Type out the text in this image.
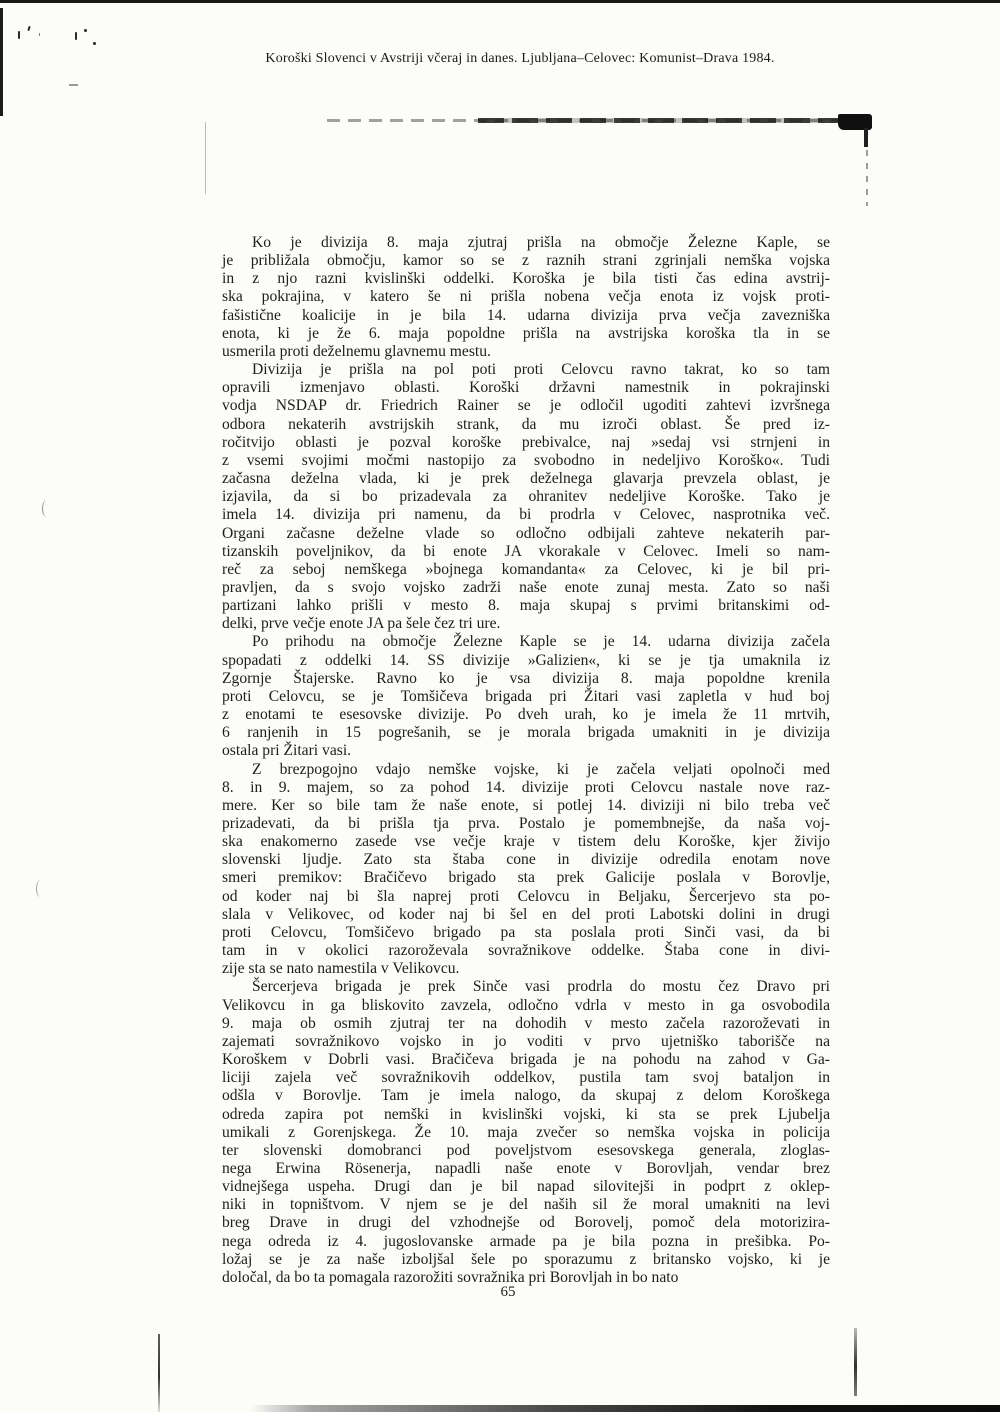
Koroški Slovenci v Avstriji včeraj in danes. Ljubljana–Celovec: Komunist–Drava 1984.
Ko je divizija 8. maja zjutraj prišla na območje Železne Kaple, se
je približala območju, kamor so se z raznih strani zgrinjali nemška vojska
in z njo razni kvislinški oddelki. Koroška je bila tisti čas edina avstrij-
ska pokrajina, v katero še ni prišla nobena večja enota iz vojsk proti-
fašistične koalicije in je bila 14. udarna divizija prva večja zavezniška
enota, ki je že 6. maja popoldne prišla na avstrijska koroška tla in se
usmerila proti deželnemu glavnemu mestu.
Divizija je prišla na pol poti proti Celovcu ravno takrat, ko so tam
opravili izmenjavo oblasti. Koroški državni namestnik in pokrajinski
vodja NSDAP dr. Friedrich Rainer se je odločil ugoditi zahtevi izvršnega
odbora nekaterih avstrijskih strank, da mu izroči oblast. Še pred iz-
ročitvijo oblasti je pozval koroške prebivalce, naj »sedaj vsi strnjeni in
z vsemi svojimi močmi nastopijo za svobodno in nedeljivo Koroško«. Tudi
začasna deželna vlada, ki je prek deželnega glavarja prevzela oblast, je
izjavila, da si bo prizadevala za ohranitev nedeljive Koroške. Tako je
imela 14. divizija pri namenu, da bi prodrla v Celovec, nasprotnika več.
Organi začasne deželne vlade so odločno odbijali zahteve nekaterih par-
tizanskih poveljnikov, da bi enote JA vkorakale v Celovec. Imeli so nam-
reč za seboj nemškega »bojnega komandanta« za Celovec, ki je bil pri-
pravljen, da s svojo vojsko zadrži naše enote zunaj mesta. Zato so naši
partizani lahko prišli v mesto 8. maja skupaj s prvimi britanskimi od-
delki, prve večje enote JA pa šele čez tri ure.
Po prihodu na območje Železne Kaple se je 14. udarna divizija začela
spopadati z oddelki 14. SS divizije »Galizien«, ki se je tja umaknila iz
Zgornje Štajerske. Ravno ko je vsa divizija 8. maja popoldne krenila
proti Celovcu, se je Tomšičeva brigada pri Žitari vasi zapletla v hud boj
z enotami te esesovske divizije. Po dveh urah, ko je imela že 11 mrtvih,
6 ranjenih in 15 pogrešanih, se je morala brigada umakniti in je divizija
ostala pri Žitari vasi.
Z brezpogojno vdajo nemške vojske, ki je začela veljati opolnoči med
8. in 9. majem, so za pohod 14. divizije proti Celovcu nastale nove raz-
mere. Ker so bile tam že naše enote, si potlej 14. diviziji ni bilo treba več
prizadevati, da bi prišla tja prva. Postalo je pomembnejše, da naša voj-
ska enakomerno zasede vse večje kraje v tistem delu Koroške, kjer živijo
slovenski ljudje. Zato sta štaba cone in divizije odredila enotam nove
smeri premikov: Bračičevo brigado sta prek Galicije poslala v Borovlje,
od koder naj bi šla naprej proti Celovcu in Beljaku, Šercerjevo sta po-
slala v Velikovec, od koder naj bi šel en del proti Labotski dolini in drugi
proti Celovcu, Tomšičevo brigado pa sta poslala proti Sinči vasi, da bi
tam in v okolici razoroževala sovražnikove oddelke. Štaba cone in divi-
zije sta se nato namestila v Velikovcu.
Šercerjeva brigada je prek Sinče vasi prodrla do mostu čez Dravo pri
Velikovcu in ga bliskovito zavzela, odločno vdrla v mesto in ga osvobodila
9. maja ob osmih zjutraj ter na dohodih v mesto začela razoroževati in
zajemati sovražnikovo vojsko in jo voditi v prvo ujetniško taborišče na
Koroškem v Dobrli vasi. Bračičeva brigada je na pohodu na zahod v Ga-
liciji zajela več sovražnikovih oddelkov, pustila tam svoj bataljon in
odšla v Borovlje. Tam je imela nalogo, da skupaj z delom Koroškega
odreda zapira pot nemški in kvislinški vojski, ki sta se prek Ljubelja
umikali z Gorenjskega. Že 10. maja zvečer so nemška vojska in policija
ter slovenski domobranci pod poveljstvom esesovskega generala, zloglas-
nega Erwina Rösenerja, napadli naše enote v Borovljah, vendar brez
vidnejšega uspeha. Drugi dan je bil napad silovitejši in podprt z oklep-
niki in topništvom. V njem se je del naših sil že moral umakniti na levi
breg Drave in drugi del vzhodnejše od Borovelj, pomoč dela motorizira-
nega odreda iz 4. jugoslovanske armade pa je bila pozna in prešibka. Po-
ložaj se je za naše izboljšal šele po sporazumu z britansko vojsko, ki je
določal, da bo ta pomagala razorožiti sovražnika pri Borovljah in bo nato
65
